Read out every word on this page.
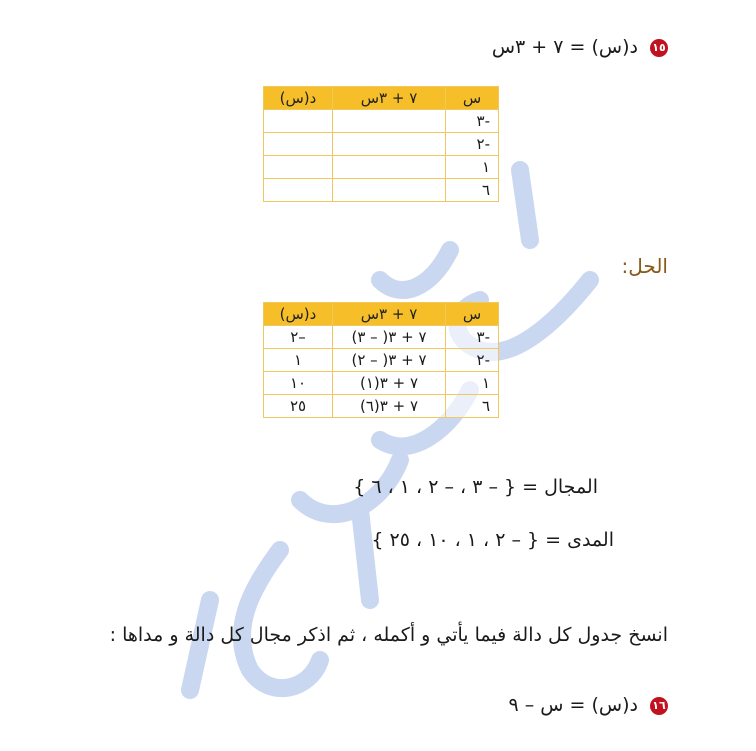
١٥ د(س) = ٧ + ٣س
س	٧ + ٣س	د(س)
-٣		
-٢		
١		
٦		
الحل:
س	٧ + ٣س	د(س)
-٣	٧ + ٣( – ٣)	–٢
-٢	٧ + ٣( – ٢)	١
١	٧ + ٣(١)	١٠
٦	٧ + ٣(٦)	٢٥
المجال = { – ٣ ، – ٢ ، ١ ، ٦ }
المدى = { – ٢ ، ١ ، ١٠ ، ٢٥ }
انسخ جدول كل دالة فيما يأتي و أكمله ، ثم اذكر مجال كل دالة و مداها :
١٦ د(س) = س – ٩
